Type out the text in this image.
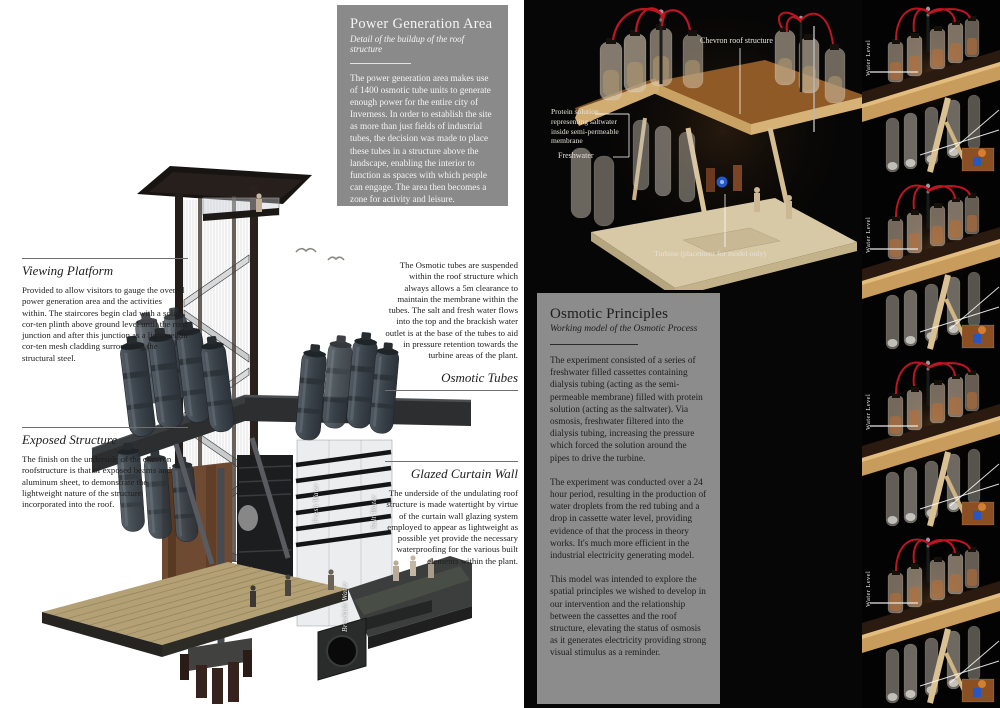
Power Generation Area
Detail of the buildup of the roof structure

The power generation area makes use of 1400 osmotic tube units to generate enough power for the entire city of Inverness. In order to establish the site as more than just fields of industrial tubes, the decision was made to place these tubes in a structure above the landscape, enabling the interior to function as spaces with which people can engage. The area then becomes a zone for activity and leisure.

Viewing Platform

Provided to allow visitors to gauge the overall power generation area and the activities within. The staircores begin clad with a solid cor-ten plinth above ground level until the roof junction and after this junction as a lightweight cor-ten mesh cladding surrounding the structural steel.

The Osmotic tubes are suspended within the roof structure which always allows a 5m clearance to maintain the membrane within the tubes. The salt and fresh water flows into the top and the brackish water outlet is at the base of the tubes to aid in pressure retention towards the turbine areas of the plant.

Osmotic Tubes
Exposed Structure

The finish on the underside of the chevron roofstructure is that of exposed beams and aluminum sheet, to demonstrate the lightweight nature of the structure incorporated into the roof.

Glazed Curtain Wall

The underside of the undulating roof structure is made watertight by virtue of the curtain wall glazing system employed to appear as lightweight as possible yet provide the necessary waterproofing for the various built elements within the plant.

Fresh Water	Salt Water
Brackish Water
Chevron roof structure
Protein solution representing saltwater inside semi-permeable membrane
Freshwater
Turbine (placement for model only)
Osmotic Principles
Working model of the Osmotic Process

The experiment consisted of a series of freshwater filled cassettes containing dialysis tubing (acting as the semi-permeable membrane) filled with protein solution (acting as the saltwater). Via osmosis, freshwater filtered into the dialysis tubing, increasing the pressure which forced the solution around the pipes to drive the turbine.

The experiment was conducted over a 24 hour period, resulting in the production of water droplets from the red tubing and a drop in cassette water level, providing evidence of that the process in theory works. It's much more efficient in the industrial electricity generating model.

This model was intended to explore the spatial principles we wished to develop in our intervention and the relationship between the cassettes and the roof structure, elevating the status of osmosis as it generates electricity providing strong visual stimulus as a reminder.

Water Level
Water Level
Water Level
Water Level
